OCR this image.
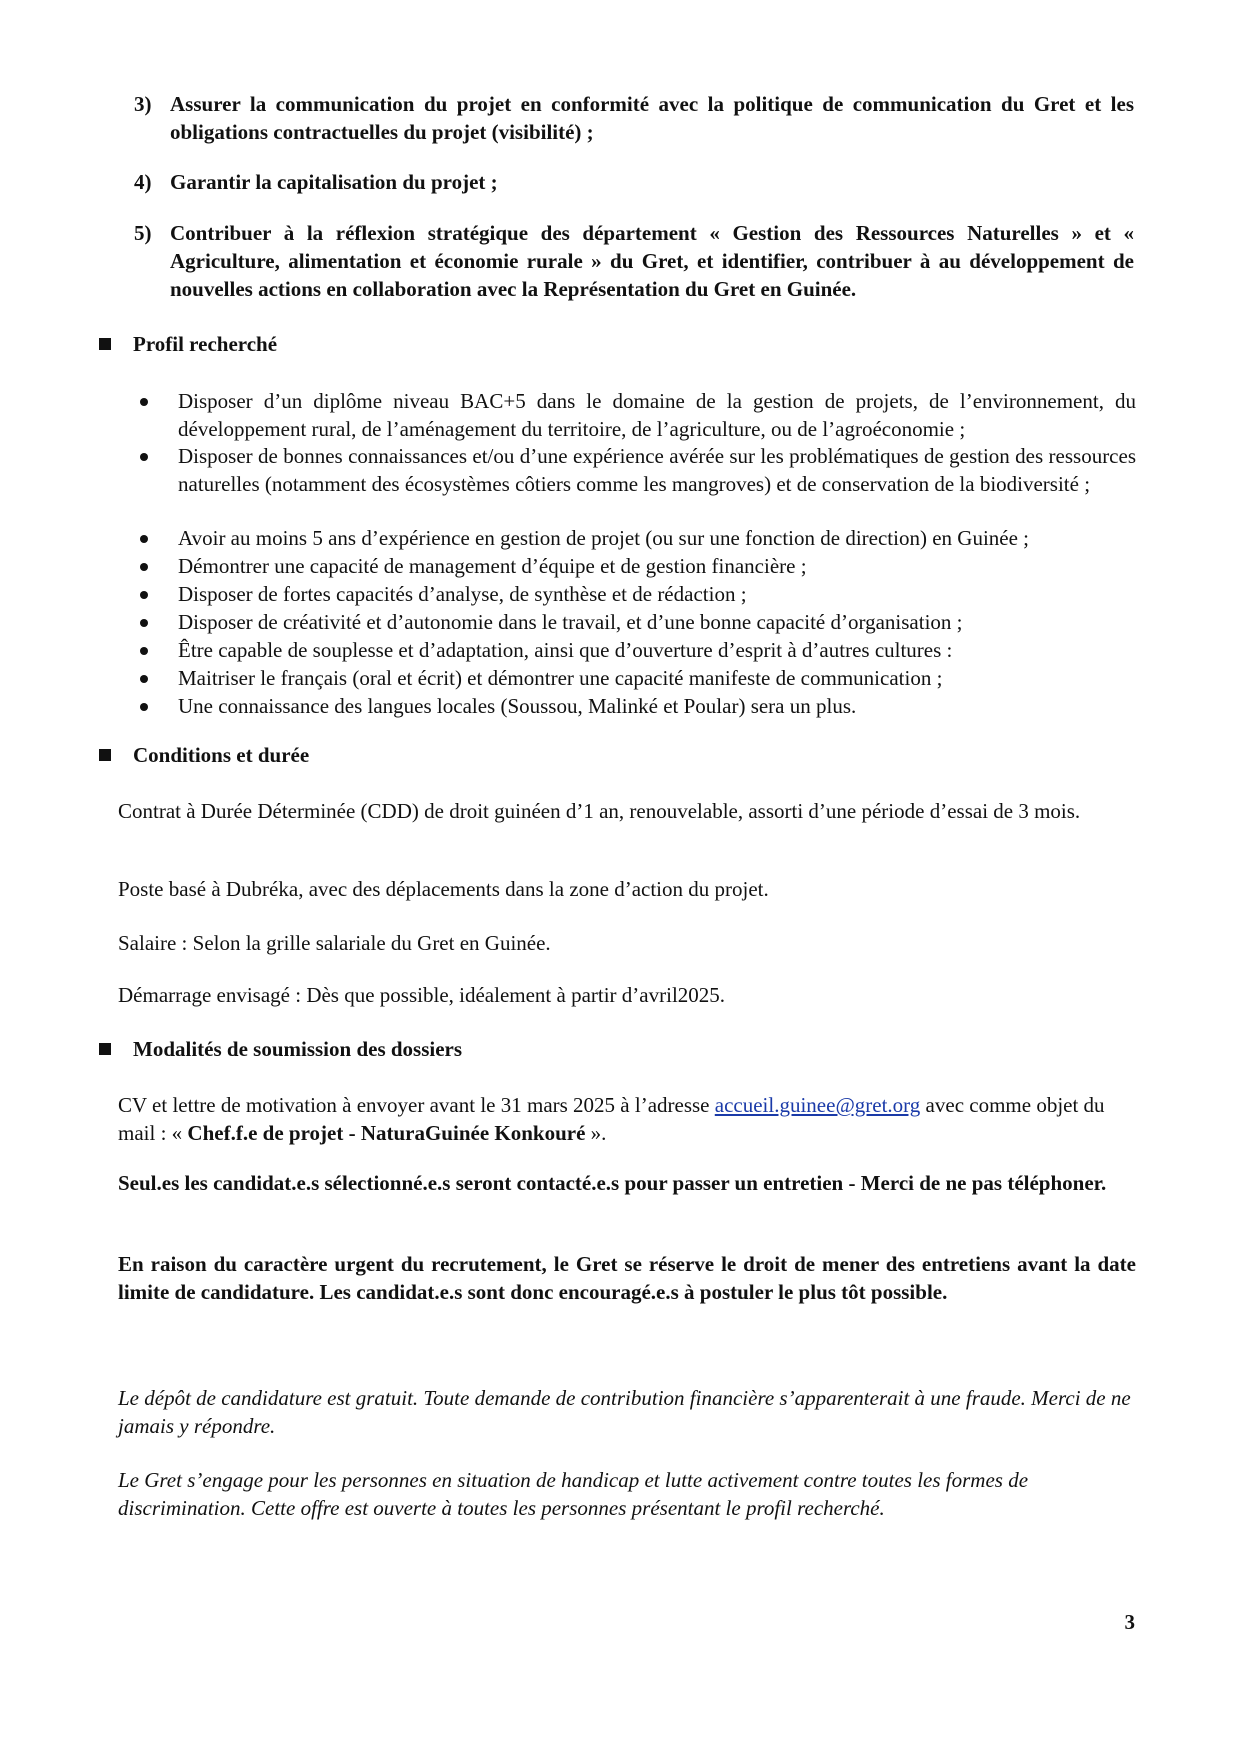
3) Assurer la communication du projet en conformité avec la politique de communication du Gret et les obligations contractuelles du projet (visibilité) ;
4) Garantir la capitalisation du projet ;
5) Contribuer à la réflexion stratégique des département « Gestion des Ressources Naturelles » et « Agriculture, alimentation et économie rurale » du Gret, et identifier, contribuer à au développement de nouvelles actions en collaboration avec la Représentation du Gret en Guinée.
Profil recherché
Disposer d’un diplôme niveau BAC+5 dans le domaine de la gestion de projets, de l’environnement, du développement rural, de l’aménagement du territoire, de l’agriculture, ou de l’agroéconomie ;
Disposer de bonnes connaissances et/ou d’une expérience avérée sur les problématiques de gestion des ressources naturelles (notamment des écosystèmes côtiers comme les mangroves) et de conservation de la biodiversité ;
Avoir au moins 5 ans d’expérience en gestion de projet (ou sur une fonction de direction) en Guinée ;
Démontrer une capacité de management d’équipe et de gestion financière ;
Disposer de fortes capacités d’analyse, de synthèse et de rédaction ;
Disposer de créativité et d’autonomie dans le travail, et d’une bonne capacité d’organisation ;
Être capable de souplesse et d’adaptation, ainsi que d’ouverture d’esprit à d’autres cultures :
Maitriser le français (oral et écrit) et démontrer une capacité manifeste de communication ;
Une connaissance des langues locales (Soussou, Malinké et Poular) sera un plus.
Conditions et durée
Contrat à Durée Déterminée (CDD) de droit guinéen d’1 an, renouvelable, assorti d’une période d’essai de 3 mois.
Poste basé à Dubréka, avec des déplacements dans la zone d’action du projet.
Salaire : Selon la grille salariale du Gret en Guinée.
Démarrage envisagé : Dès que possible, idéalement à partir d’avril2025.
Modalités de soumission des dossiers
CV et lettre de motivation à envoyer avant le 31 mars 2025 à l’adresse accueil.guinee@gret.org avec comme objet du mail : « Chef.f.e de projet - NaturaGuinée Konkouré ».
Seul.es les candidat.e.s sélectionné.e.s seront contacté.e.s pour passer un entretien - Merci de ne pas téléphoner.
En raison du caractère urgent du recrutement, le Gret se réserve le droit de mener des entretiens avant la date limite de candidature. Les candidat.e.s sont donc encouragé.e.s à postuler le plus tôt possible.
Le dépôt de candidature est gratuit. Toute demande de contribution financière s’apparenterait à une fraude. Merci de ne jamais y répondre.
Le Gret s’engage pour les personnes en situation de handicap et lutte activement contre toutes les formes de discrimination. Cette offre est ouverte à toutes les personnes présentant le profil recherché.
3
